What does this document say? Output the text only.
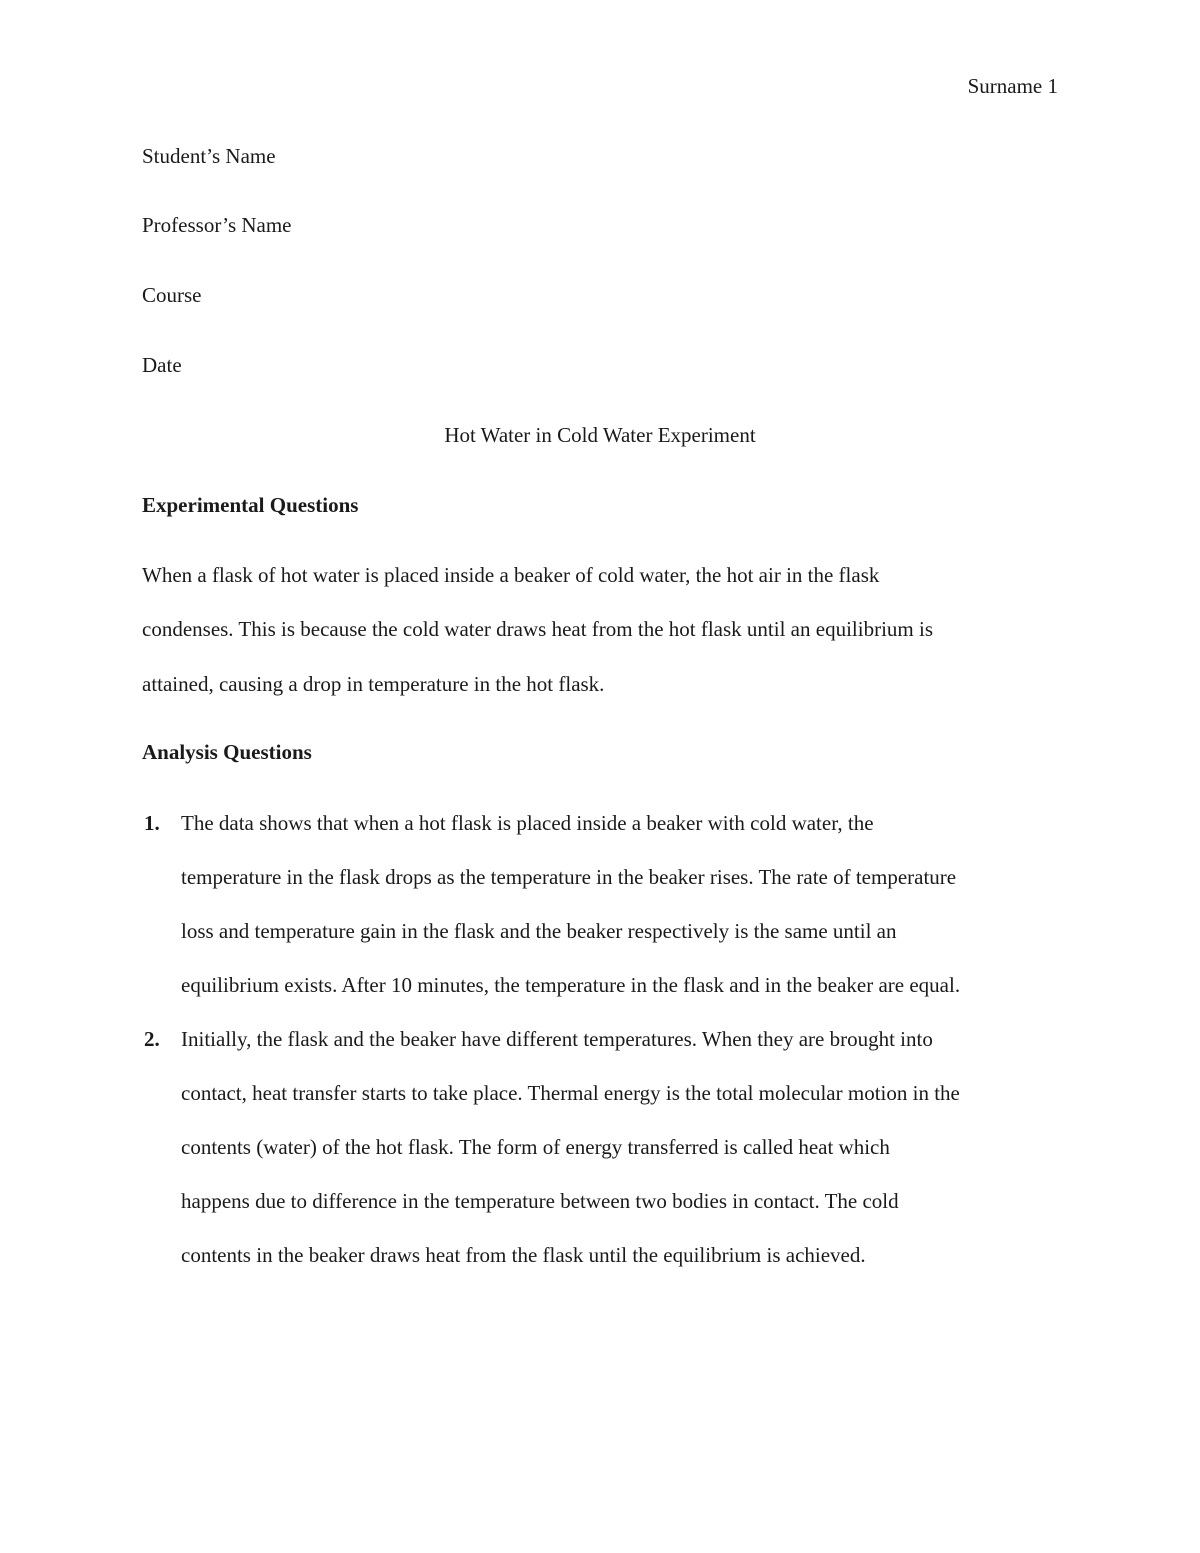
Surname 1
Student’s Name
Professor’s Name
Course
Date
Hot Water in Cold Water Experiment
Experimental Questions
When a flask of hot water is placed inside a beaker of cold water, the hot air in the flask
condenses. This is because the cold water draws heat from the hot flask until an equilibrium is
attained, causing a drop in temperature in the hot flask.
Analysis Questions
1. The data shows that when a hot flask is placed inside a beaker with cold water, the
temperature in the flask drops as the temperature in the beaker rises. The rate of temperature
loss and temperature gain in the flask and the beaker respectively is the same until an
equilibrium exists. After 10 minutes, the temperature in the flask and in the beaker are equal.
2. Initially, the flask and the beaker have different temperatures. When they are brought into
contact, heat transfer starts to take place. Thermal energy is the total molecular motion in the
contents (water) of the hot flask. The form of energy transferred is called heat which
happens due to difference in the temperature between two bodies in contact. The cold
contents in the beaker draws heat from the flask until the equilibrium is achieved.
